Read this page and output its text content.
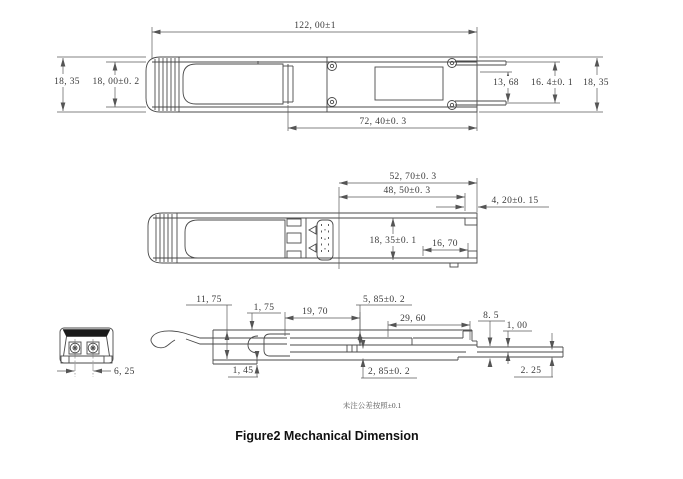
122, 00±1
18, 35 18, 00±0. 2
72, 40±0. 3
13, 68 16. 4±0. 1 18, 35
52, 70±0. 3
48, 50±0. 3
4, 20±0. 15
18, 35±0. 1 16, 70
11, 75
1, 75	19, 70
5, 85±0. 2
29, 60	8. 5
1, 00
1, 45	2, 85±0. 2	2. 25
6, 25
未注公差按照±0.1
Figure2 Mechanical Dimension
